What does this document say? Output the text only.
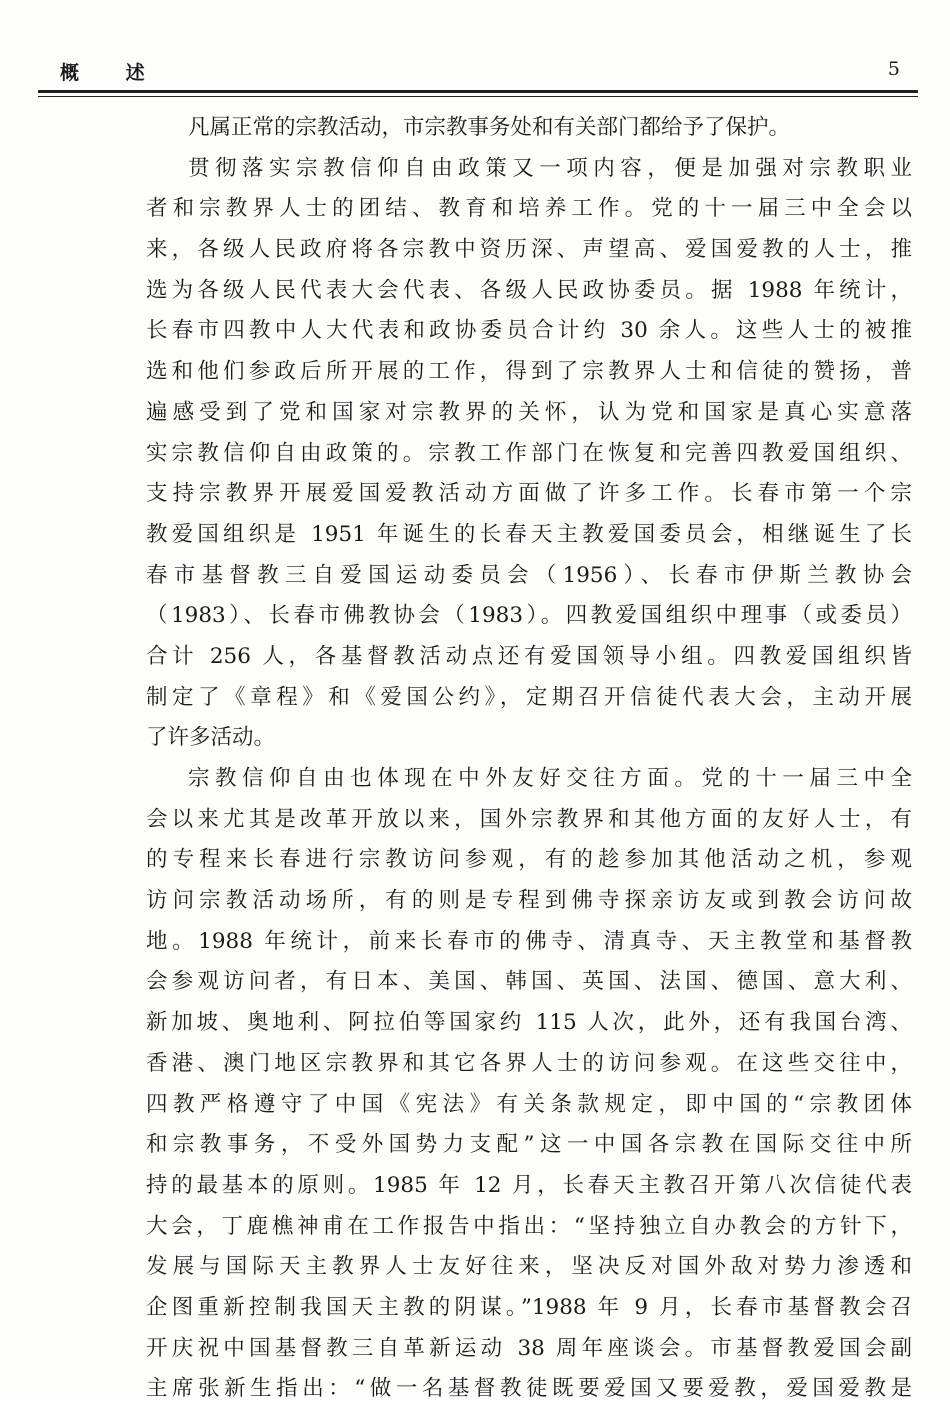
概 述	5
凡属正常的宗教活动，市宗教事务处和有关部门都给予了保护。
贯彻落实宗教信仰自由政策又一项内容，便是加强对宗教职业
者和宗教界人士的团结、教育和培养工作。党的十一届三中全会以
来，各级人民政府将各宗教中资历深、声望高、爱国爱教的人士，推
选为各级人民代表大会代表、各级人民政协委员。据 1988 年统计，
长春市四教中人大代表和政协委员合计约 30 余人。这些人士的被推
选和他们参政后所开展的工作，得到了宗教界人士和信徒的赞扬，普
遍感受到了党和国家对宗教界的关怀，认为党和国家是真心实意落
实宗教信仰自由政策的。宗教工作部门在恢复和完善四教爱国组织、
支持宗教界开展爱国爱教活动方面做了许多工作。长春市第一个宗
教爱国组织是 1951 年诞生的长春天主教爱国委员会，相继诞生了长
春市基督教三自爱国运动委员会（1956）、长春市伊斯兰教协会
（1983）、长春市佛教协会（1983）。四教爱国组织中理事（或委员）
合计 256 人，各基督教活动点还有爱国领导小组。四教爱国组织皆
制定了《章程》和《爱国公约》，定期召开信徒代表大会，主动开展
了许多活动。
宗教信仰自由也体现在中外友好交往方面。党的十一届三中全
会以来尤其是改革开放以来，国外宗教界和其他方面的友好人士，有
的专程来长春进行宗教访问参观，有的趁参加其他活动之机，参观
访问宗教活动场所，有的则是专程到佛寺探亲访友或到教会访问故
地。1988 年统计，前来长春市的佛寺、清真寺、天主教堂和基督教
会参观访问者，有日本、美国、韩国、英国、法国、德国、意大利、
新加坡、奥地利、阿拉伯等国家约 115 人次，此外，还有我国台湾、
香港、澳门地区宗教界和其它各界人士的访问参观。在这些交往中，
四教严格遵守了中国《宪法》有关条款规定，即中国的“宗教团体
和宗教事务，不受外国势力支配”这一中国各宗教在国际交往中所
持的最基本的原则。1985 年 12 月，长春天主教召开第八次信徒代表
大会，丁鹿樵神甫在工作报告中指出：“坚持独立自办教会的方针下，
发展与国际天主教界人士友好往来，坚决反对国外敌对势力渗透和
企图重新控制我国天主教的阴谋。”1988 年 9 月，长春市基督教会召
开庆祝中国基督教三自革新运动 38 周年座谈会。市基督教爱国会副
主席张新生指出：“做一名基督教徒既要爱国又要爱教，爱国爱教是
